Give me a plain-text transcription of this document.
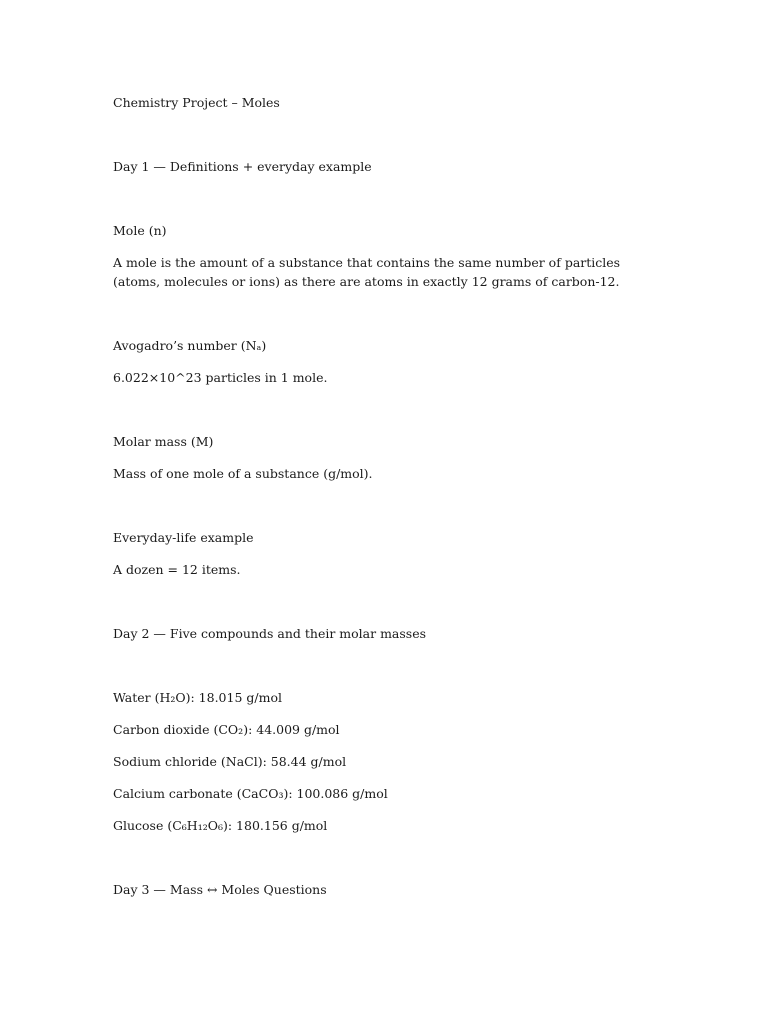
Chemistry Project – Moles

Day 1 — Definitions + everyday example

Mole (n)

A mole is the amount of a substance that contains the same number of particles (atoms, molecules or ions) as there are atoms in exactly 12 grams of carbon-12.

Avogadro’s number (Nₐ)

6.022×10^23 particles in 1 mole.

Molar mass (M)

Mass of one mole of a substance (g/mol).

Everyday-life example

A dozen = 12 items.

Day 2 — Five compounds and their molar masses

Water (H₂O): 18.015 g/mol

Carbon dioxide (CO₂): 44.009 g/mol

Sodium chloride (NaCl): 58.44 g/mol

Calcium carbonate (CaCO₃): 100.086 g/mol

Glucose (C₆H₁₂O₆): 180.156 g/mol

Day 3 — Mass ↔ Moles Questions
